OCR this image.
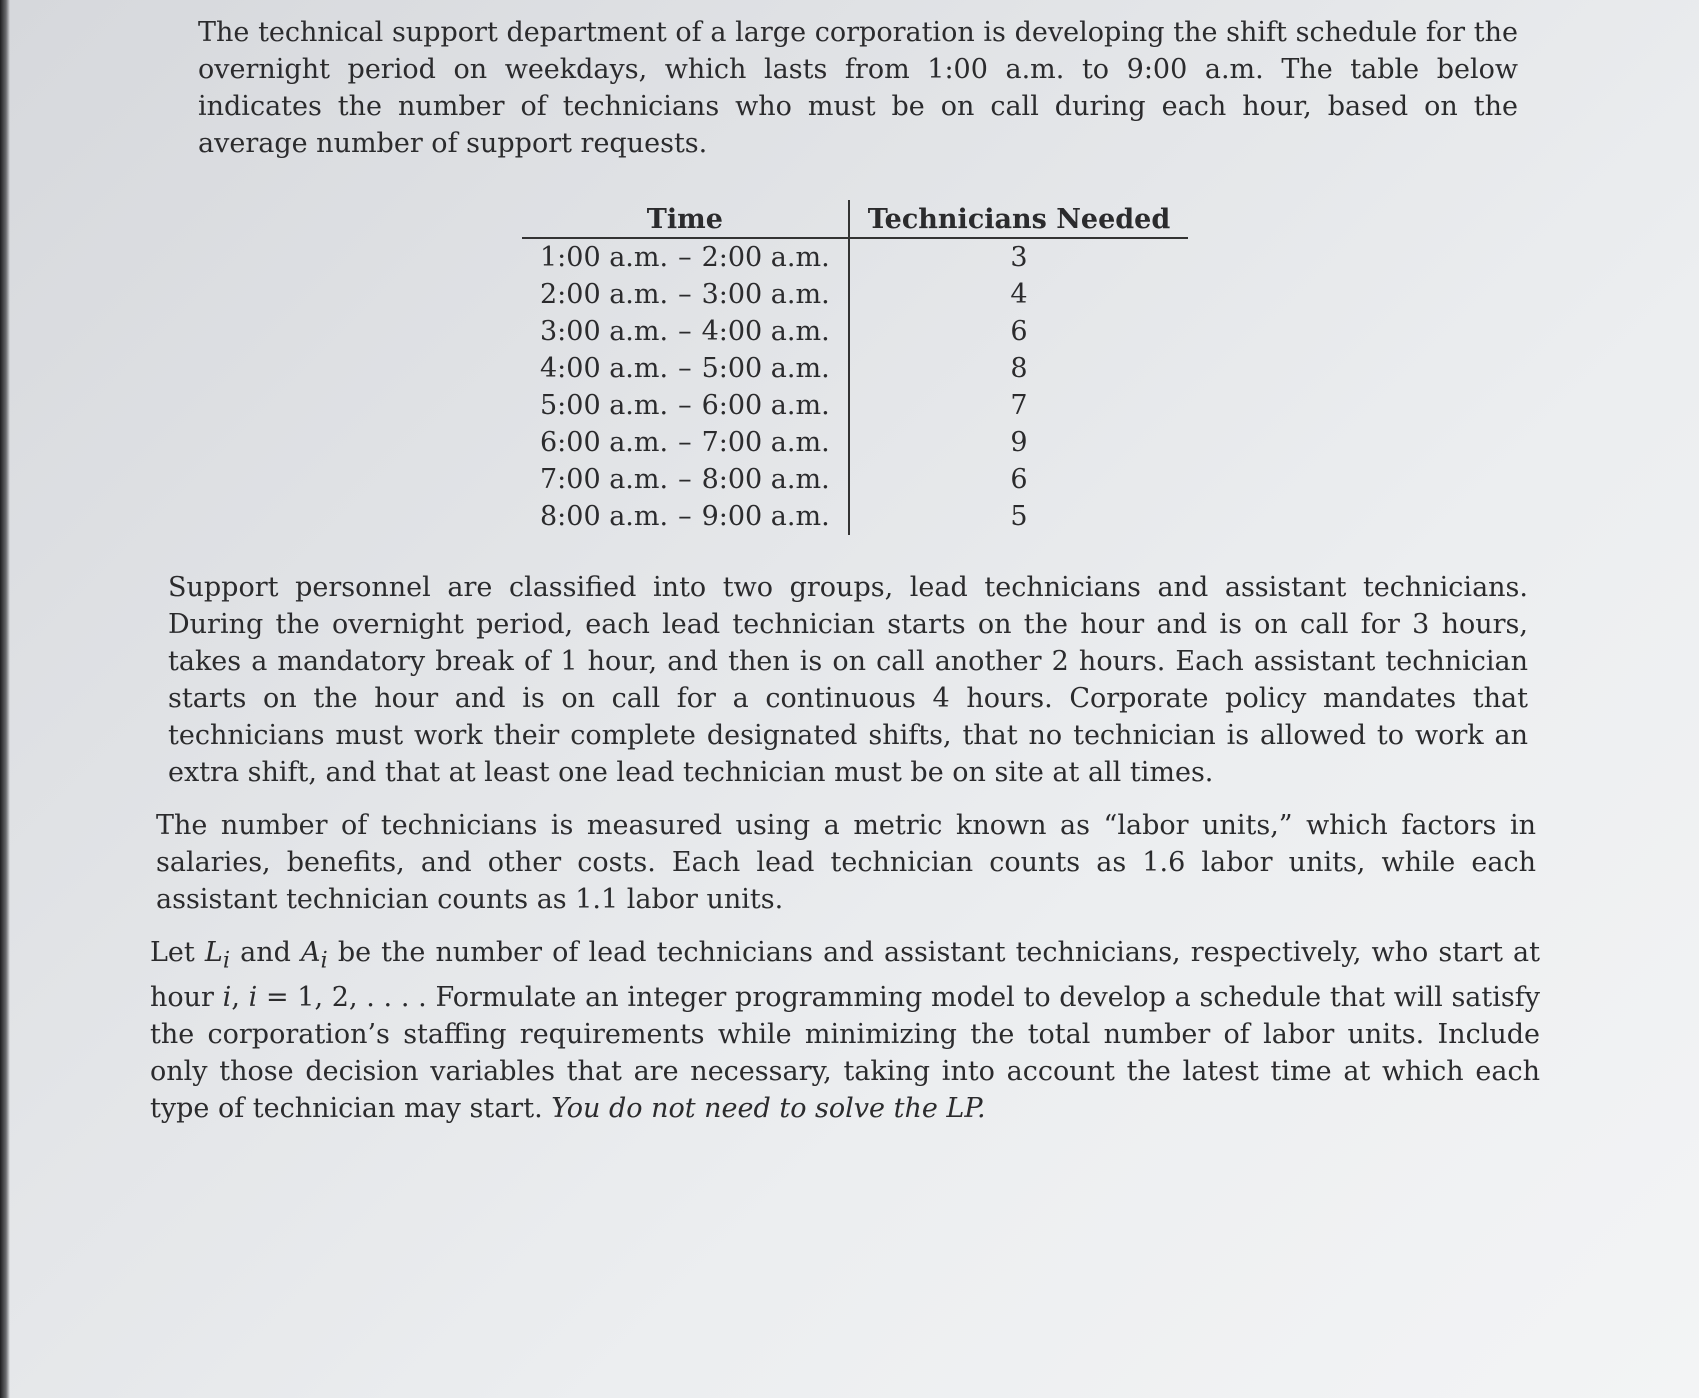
The technical support department of a large corporation is developing the shift schedule for the overnight period on weekdays, which lasts from 1:00 a.m. to 9:00 a.m. The table below indicates the number of technicians who must be on call during each hour, based on the average number of support requests.

Time	Technicians Needed
1:00 a.m. – 2:00 a.m.	3
2:00 a.m. – 3:00 a.m.	4
3:00 a.m. – 4:00 a.m.	6
4:00 a.m. – 5:00 a.m.	8
5:00 a.m. – 6:00 a.m.	7
6:00 a.m. – 7:00 a.m.	9
7:00 a.m. – 8:00 a.m.	6
8:00 a.m. – 9:00 a.m.	5

Support personnel are classified into two groups, lead technicians and assistant technicians. During the overnight period, each lead technician starts on the hour and is on call for 3 hours, takes a mandatory break of 1 hour, and then is on call another 2 hours. Each assistant technician starts on the hour and is on call for a continuous 4 hours. Corporate policy mandates that technicians must work their complete designated shifts, that no technician is allowed to work an extra shift, and that at least one lead technician must be on site at all times.

The number of technicians is measured using a metric known as “labor units,” which factors in salaries, benefits, and other costs. Each lead technician counts as 1.6 labor units, while each assistant technician counts as 1.1 labor units.

Let $L_i$ and $A_i$ be the number of lead technicians and assistant technicians, respectively, who start at hour i, i = 1, 2, . . . . Formulate an integer programming model to develop a schedule that will satisfy the corporation’s staffing requirements while minimizing the total number of labor units. Include only those decision variables that are necessary, taking into account the latest time at which each type of technician may start. You do not need to solve the LP.
